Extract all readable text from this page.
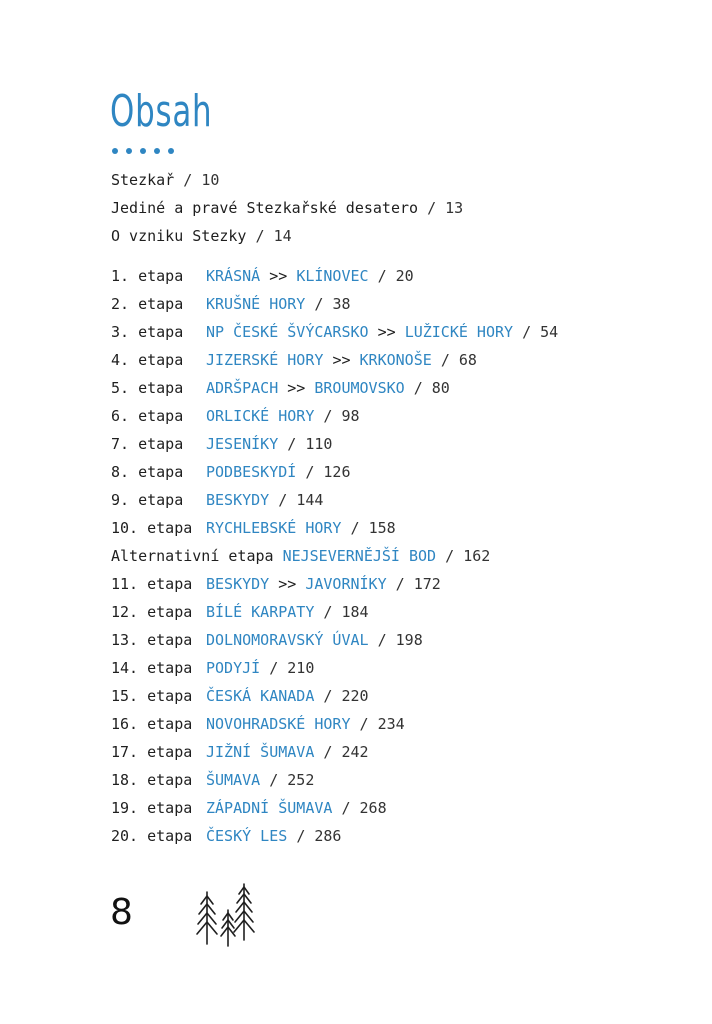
Obsah
Stezkař / 10
Jediné a pravé Stezkařské desatero / 13
O vzniku Stezky / 14
1. etapa KRÁSNÁ >> KLÍNOVEC / 20
2. etapa KRUŠNÉ HORY / 38
3. etapa NP ČESKÉ ŠVÝCARSKO >> LUŽICKÉ HORY / 54
4. etapa JIZERSKÉ HORY >> KRKONOŠE / 68
5. etapa ADRŠPACH >> BROUMOVSKO / 80
6. etapa ORLICKÉ HORY / 98
7. etapa JESENÍKY / 110
8. etapa PODBESKYDÍ / 126
9. etapa BESKYDY / 144
10. etapa RYCHLEBSKÉ HORY / 158
Alternativní etapa NEJSEVERNĚJŠÍ BOD / 162
11. etapa BESKYDY >> JAVORNÍKY / 172
12. etapa BÍLÉ KARPATY / 184
13. etapa DOLNOMORAVSKÝ ÚVAL / 198
14. etapa PODYJÍ / 210
15. etapa ČESKÁ KANADA / 220
16. etapa NOVOHRADSKÉ HORY / 234
17. etapa JIŽNÍ ŠUMAVA / 242
18. etapa ŠUMAVA / 252
19. etapa ZÁPADNÍ ŠUMAVA / 268
20. etapa ČESKÝ LES / 286
8
